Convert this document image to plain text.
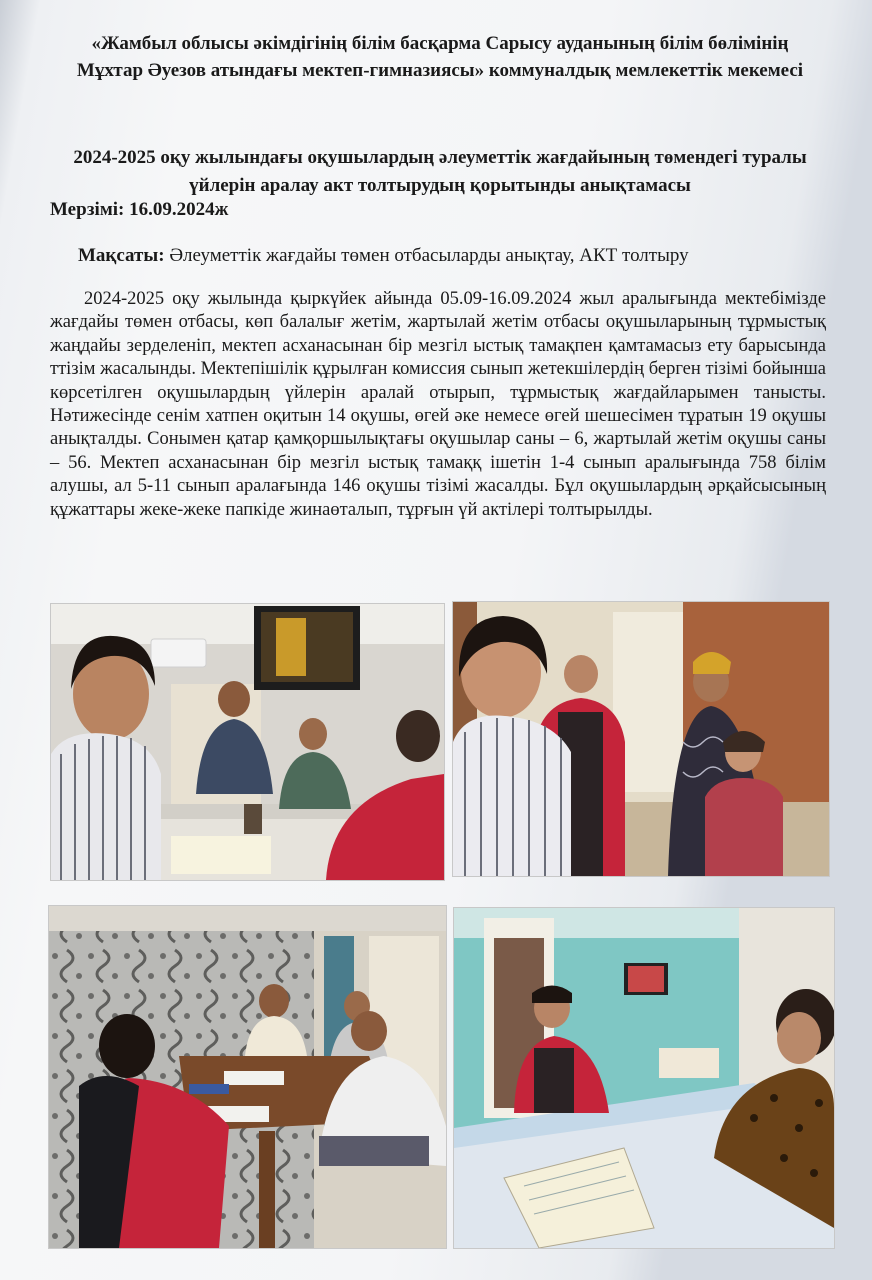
«Жамбыл облысы әкімдігінің білім басқарма Сарысу ауданының білім бөлімінің Мұхтар Әуезов атындағы мектеп-гимназиясы» коммуналдық мемлекеттік мекемесі
2024-2025 оқу жылындағы оқушылардың әлеуметтік жағдайының төмендегі туралы үйлерін аралау акт толтырудың қорытынды анықтамасы
Мерзімі: 16.09.2024ж
Мақсаты: Әлеуметтік жағдайы төмен отбасыларды анықтау, АКТ толтыру
2024-2025 оқу жылында қыркүйек айында 05.09-16.09.2024 жыл аралығында мектебімізде жағдайы төмен отбасы, көп балалығ жетім, жартылай жетім отбасы оқушыларының тұрмыстық жаңдайы зерделеніп, мектеп асханасынан бір мезгіл ыстық тамақпен қамтамасыз ету барысында ттізім жасалынды. Мектепішілік құрылған комиссия сынып жетекшілердің берген тізімі бойынша көрсетілген оқушылардың үйлерін аралай отырып, тұрмыстық жағдайларымен танысты. Нәтижесінде сенім хатпен оқитын 14 оқушы, өгей әке немесе өгей шешесімен тұратын 19 оқушы анықталды. Сонымен қатар қамқоршылықтағы оқушылар саны – 6, жартылай жетім оқушы саны – 56. Мектеп асханасынан бір мезгіл ыстық тамаққ ішетін 1-4 сынып аралығында 758 білім алушы, ал 5-11 сынып аралағында 146 оқушы тізімі жасалды. Бұл оқушылардың әрқайсысының құжаттары жеке-жеке папкіде жинаөталып, тұрғын үй актілері толтырылды.
